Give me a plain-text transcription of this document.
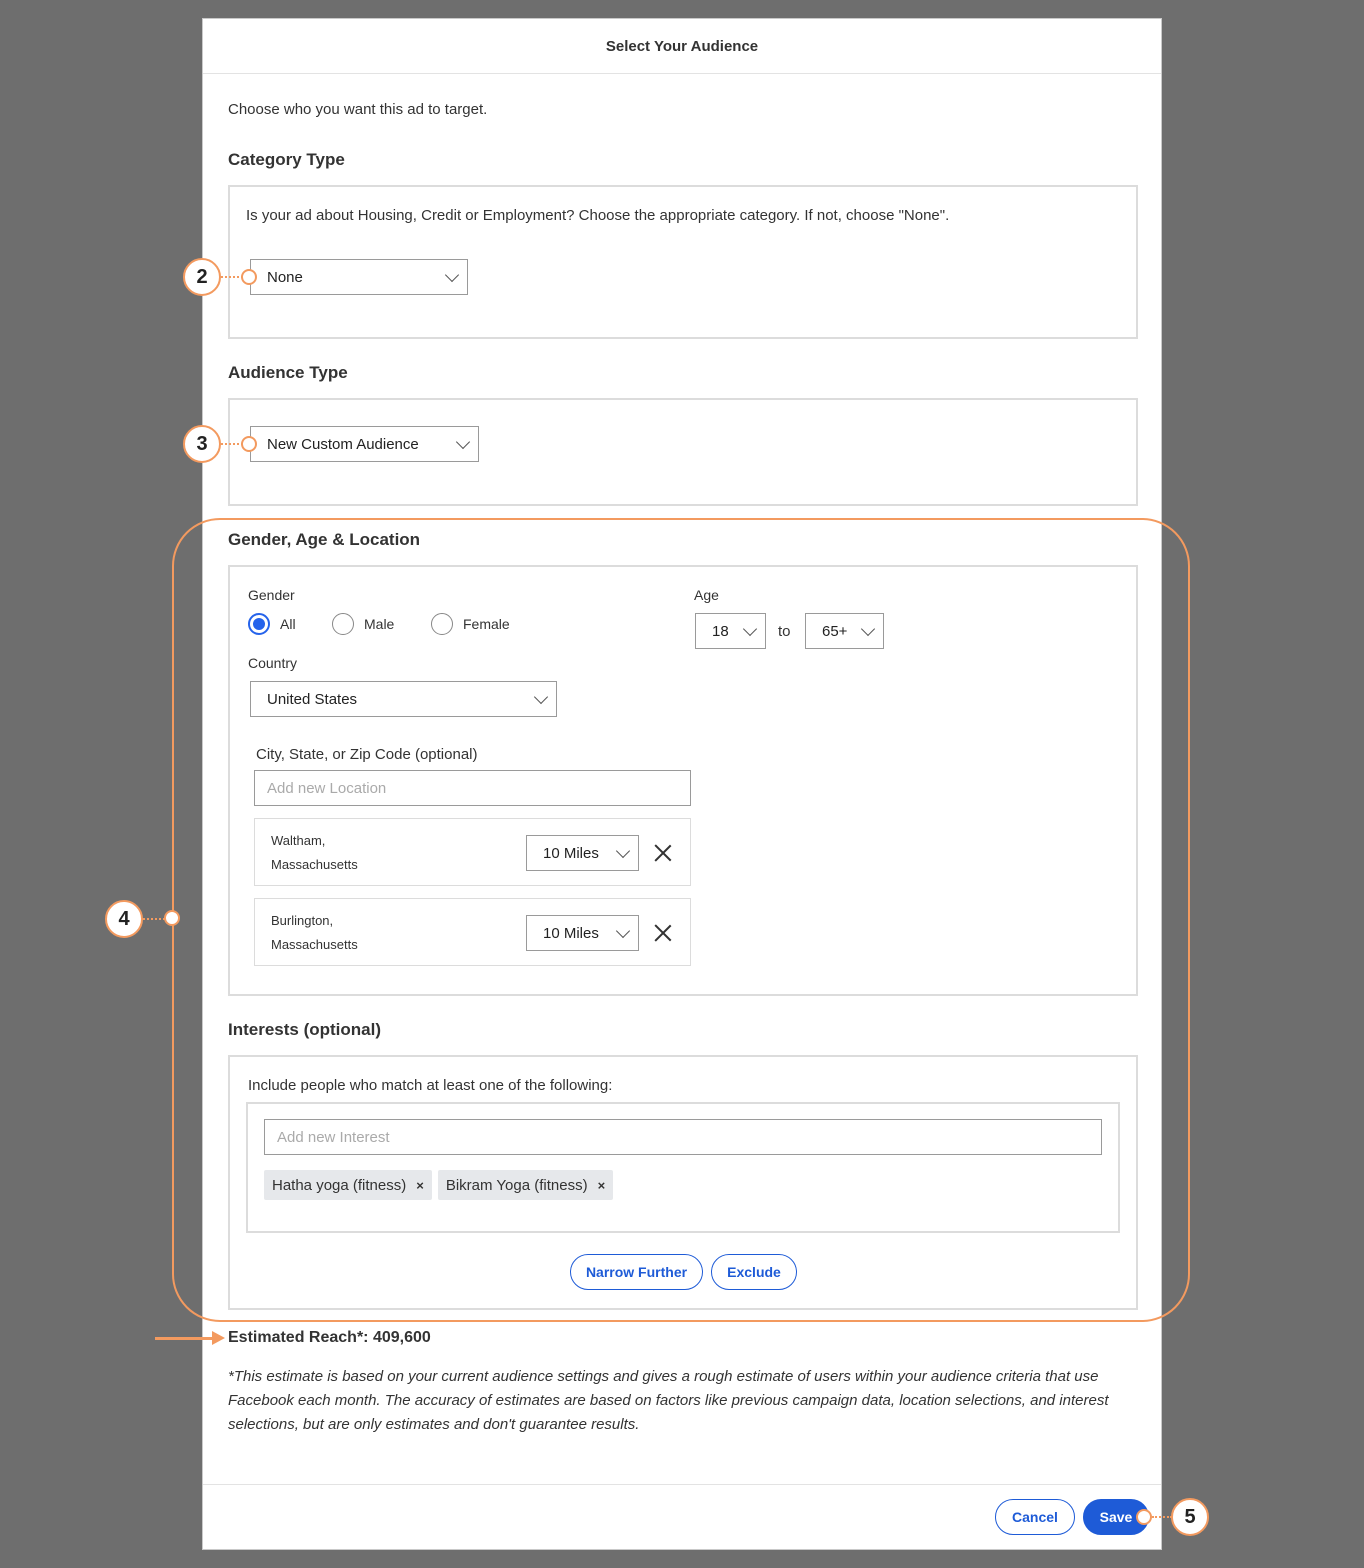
Select Your Audience
Choose who you want this ad to target.
Category Type
Is your ad about Housing, Credit or Employment? Choose the appropriate category. If not, choose "None".
None
Audience Type
New Custom Audience
Gender, Age & Location
Gender
All	Male	Female
Age
18	to 65+
Country
United States
City, State, or Zip Code (optional)
Add new Location
Waltham,
Massachusetts
10 Miles
Burlington,
Massachusetts
10 Miles
Interests (optional)
Include people who match at least one of the following:
Add new Interest
Hatha yoga (fitness) × Bikram Yoga (fitness) ×
Narrow Further	Exclude
Estimated Reach*: 409,600
*This estimate is based on your current audience settings and gives a rough estimate of users within your audience criteria that use Facebook each month. The accuracy of estimates are based on factors like previous campaign data, location selections, and interest selections, but are only estimates and don't guarantee results.
Cancel	Save
2
3
4
5
